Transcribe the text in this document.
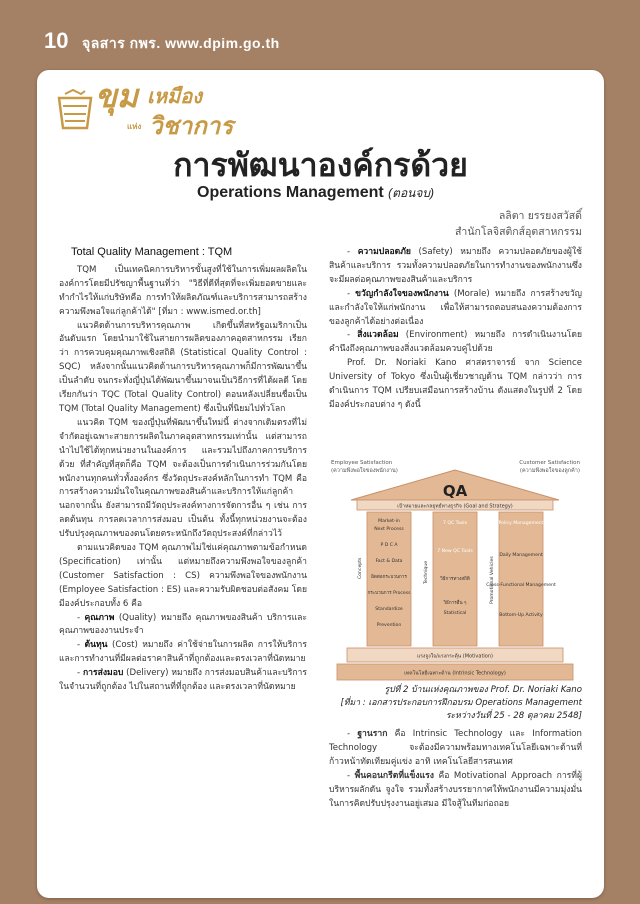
10 จุลสาร กพร. www.dpim.go.th
ขุม เหมือง
วิชาการ
แห่ง
การพัฒนาองค์กรด้วย
Operations Management (ตอนจบ)
ลลิตา ยรรยงสวัสดิ์
สำนักโลจิสติกส์อุตสาหกรรม

Total Quality Management : TQM

TQM เป็นเทคนิคการบริหารขั้นสูงที่ใช้ในการเพิ่มผลผลิตในองค์การโดยมีปรัชญาพื้นฐานที่ว่า "วิธีที่ดีที่สุดที่จะเพิ่มยอดขายและทำกำไรให้แก่บริษัทคือ การทำให้ผลิตภัณฑ์และบริการสามารถสร้างความพึงพอใจแก่ลูกค้าได้" [ที่มา : www.ismed.or.th]

แนวคิดด้านการบริหารคุณภาพ เกิดขึ้นที่สหรัฐอเมริกาเป็นอันดับแรก โดยนำมาใช้ในสายการผลิตของภาคอุตสาหกรรม เรียกว่า การควบคุมคุณภาพเชิงสถิติ (Statistical Quality Control : SQC) หลังจากนั้นแนวคิดด้านการบริหารคุณภาพก็มีการพัฒนาขึ้นเป็นลำดับ จนกระทั่งญี่ปุ่นได้พัฒนาขึ้นมาจนเป็นวิธีการที่ได้ผลดี โดยเรียกกันว่า TQC (Total Quality Control) ตอนหลังเปลี่ยนชื่อเป็น TQM (Total Quality Management) ซึ่งเป็นที่นิยมไปทั่วโลก

แนวคิด TQM ของญี่ปุ่นที่พัฒนาขึ้นใหม่นี้ ต่างจากเดิมตรงที่ไม่จำกัดอยู่เฉพาะสายการผลิตในภาคอุตสาหกรรมเท่านั้น แต่สามารถนำไปใช้ได้ทุกหน่วยงานในองค์การ และรวมไปถึงภาคการบริการด้วย ที่สำคัญที่สุดก็คือ TQM จะต้องเป็นการดำเนินการร่วมกันโดยพนักงานทุกคนทั่วทั้งองค์กร ซึ่งวัตถุประสงค์หลักในการทำ TQM คือ การสร้างความมั่นใจในคุณภาพของสินค้าและบริการให้แก่ลูกค้า นอกจากนั้น ยังสามารถมีวัตถุประสงค์ทางการจัดการอื่น ๆ เช่น การลดต้นทุน การลดเวลาการส่งมอบ เป็นต้น ทั้งนี้ทุกหน่วยงานจะต้องปรับปรุงคุณภาพของตนโดยตระหนักถึงวัตถุประสงค์ที่กล่าวไว้

ตามแนวคิดของ TQM คุณภาพไม่ใช่แค่คุณภาพตามข้อกำหนด (Specification) เท่านั้น แต่หมายถึงความพึงพอใจของลูกค้า (Customer Satisfaction : CS) ความพึงพอใจของพนักงาน (Employee Satisfaction : ES) และความรับผิดชอบต่อสังคม โดยมีองค์ประกอบทั้ง 6 คือ

- คุณภาพ (Quality) หมายถึง คุณภาพของสินค้า บริการและคุณภาพของงานประจำ

- ต้นทุน (Cost) หมายถึง ค่าใช้จ่ายในการผลิต การให้บริการและการทำงานที่มีผลต่อราคาสินค้าที่ถูกต้องและตรงเวลาที่นัดหมาย

- การส่งมอบ (Delivery) หมายถึง การส่งมอบสินค้าและบริการในจำนวนที่ถูกต้อง ไปในสถานที่ที่ถูกต้อง และตรงเวลาที่นัดหมาย

- ความปลอดภัย (Safety) หมายถึง ความปลอดภัยของผู้ใช้สินค้าและบริการ รวมทั้งความปลอดภัยในการทำงานของพนักงานซึ่งจะมีผลต่อคุณภาพของสินค้าและบริการ

- ขวัญกำลังใจของพนักงาน (Morale) หมายถึง การสร้างขวัญและกำลังใจให้แก่พนักงาน เพื่อให้สามารถตอบสนองความต้องการของลูกค้าได้อย่างต่อเนื่อง

- สิ่งแวดล้อม (Environment) หมายถึง การดำเนินงานโดยคำนึงถึงคุณภาพของสิ่งแวดล้อมควบคู่ไปด้วย

Prof. Dr. Noriaki Kano ศาสตราจารย์ จาก Science University of Tokyo ซึ่งเป็นผู้เชี่ยวชาญด้าน TQM กล่าวว่า การดำเนินการ TQM เปรียบเสมือนการสร้างบ้าน ดังแสดงในรูปที่ 2 โดยมีองค์ประกอบต่าง ๆ ดังนี้

Employee Satisfaction
(ความพึงพอใจของพนักงาน)
Customer Satisfaction
(ความพึงพอใจของลูกค้า)
QA
เป้าหมายและกลยุทธ์ทางธุรกิจ (Goal and Strategy)
Market-in
Next Process
P D C A
Fact & Data
ผิดต่อกระบวนการ
กระบวนการ Process
Standardize
Prevention
Concepts
7 QC Tools
7 New QC Tools
วิธีการทางสถิติ
วิธีการอื่น ๆ
Statistical
Technique
Policy Management
Daily Management
Cross-Functional Management
Bottom-Up Activity
Promotional Vehicles
แรงจูงใจ/แรงกระตุ้น (Motivation)
เทคโนโลยีเฉพาะด้าน (Intrinsic Technology)
รูปที่ 2 บ้านแห่งคุณภาพของ Prof. Dr. Noriaki Kano
[ที่มา : เอกสารประกอบการฝึกอบรม Operations Management
ระหว่างวันที่ 25 - 28 ตุลาคม 2548]

- ฐานราก คือ Intrinsic Technology และ Information Technology จะต้องมีความพร้อมทางเทคโนโลยีเฉพาะด้านที่ก้าวหน้าทัดเทียมคู่แข่ง อาทิ เทคโนโลยีสารสนเทศ

- พื้นคอนกรีตที่แข็งแรง คือ Motivational Approach การที่ผู้บริหารผลักดัน จูงใจ รวมทั้งสร้างบรรยากาศให้พนักงานมีความมุ่งมั่นในการคิดปรับปรุงงานอยู่เสมอ มีใจสู้ในทีมก่อถอย
